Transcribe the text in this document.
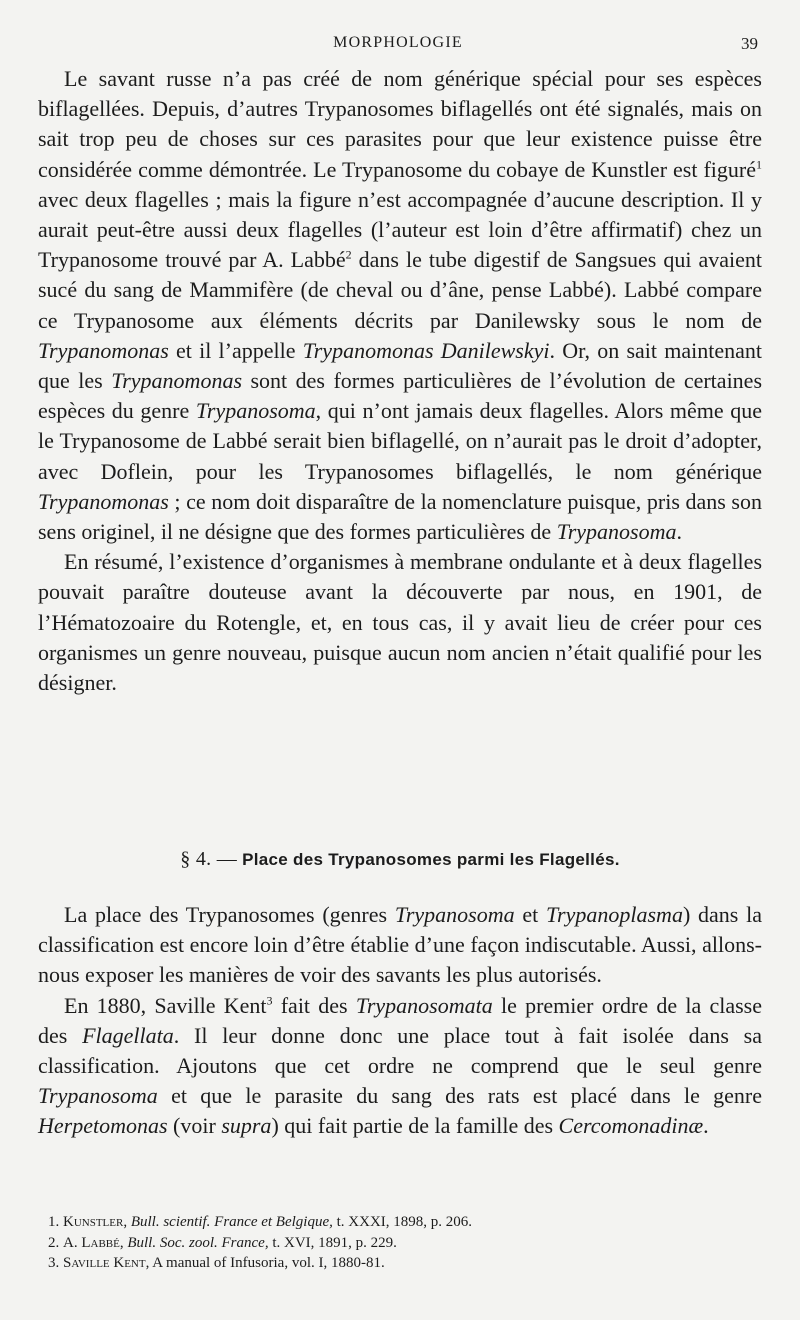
MORPHOLOGIE	39

Le savant russe n’a pas créé de nom générique spécial pour ses espèces biflagellées. Depuis, d’autres Trypanosomes biflagellés ont été signalés, mais on sait trop peu de choses sur ces parasites pour que leur existence puisse être considérée comme démontrée. Le Trypanosome du cobaye de Kunstler est figuré$^1$ avec deux flagelles ; mais la figure n’est accompagnée d’aucune description. Il y aurait peut-être aussi deux flagelles (l’auteur est loin d’être affirmatif) chez un Trypanosome trouvé par A. Labbé$^2$ dans le tube digestif de Sangsues qui avaient sucé du sang de Mammifère (de cheval ou d’âne, pense Labbé). Labbé compare ce Trypanosome aux éléments décrits par Danilewsky sous le nom de Trypanomonas et il l’appelle Trypanomonas Danilewskyi. Or, on sait maintenant que les Trypanomonas sont des formes particulières de l’évolution de certaines espèces du genre Trypanosoma, qui n’ont jamais deux flagelles. Alors même que le Trypanosome de Labbé serait bien biflagellé, on n’aurait pas le droit d’adopter, avec Doflein, pour les Trypanosomes biflagellés, le nom générique Trypanomonas ; ce nom doit disparaître de la nomenclature puisque, pris dans son sens originel, il ne désigne que des formes particulières de Trypanosoma.

En résumé, l’existence d’organismes à membrane ondulante et à deux flagelles pouvait paraître douteuse avant la découverte par nous, en 1901, de l’Hématozoaire du Rotengle, et, en tous cas, il y avait lieu de créer pour ces organismes un genre nouveau, puisque aucun nom ancien n’était qualifié pour les désigner.

§ 4. — Place des Trypanosomes parmi les Flagellés.

La place des Trypanosomes (genres Trypanosoma et Trypanoplasma) dans la classification est encore loin d’être établie d’une façon indiscutable. Aussi, allons-nous exposer les manières de voir des savants les plus autorisés.

En 1880, Saville Kent$^3$ fait des Trypanosomata le premier ordre de la classe des Flagellata. Il leur donne donc une place tout à fait isolée dans sa classification. Ajoutons que cet ordre ne comprend que le seul genre Trypanosoma et que le parasite du sang des rats est placé dans le genre Herpetomonas (voir supra) qui fait partie de la famille des Cercomonadinæ.

1. Kunstler, Bull. scientif. France et Belgique, t. XXXI, 1898, p. 206.
2. A. Labbé, Bull. Soc. zool. France, t. XVI, 1891, p. 229.
3. Saville Kent, A manual of Infusoria, vol. I, 1880-81.
